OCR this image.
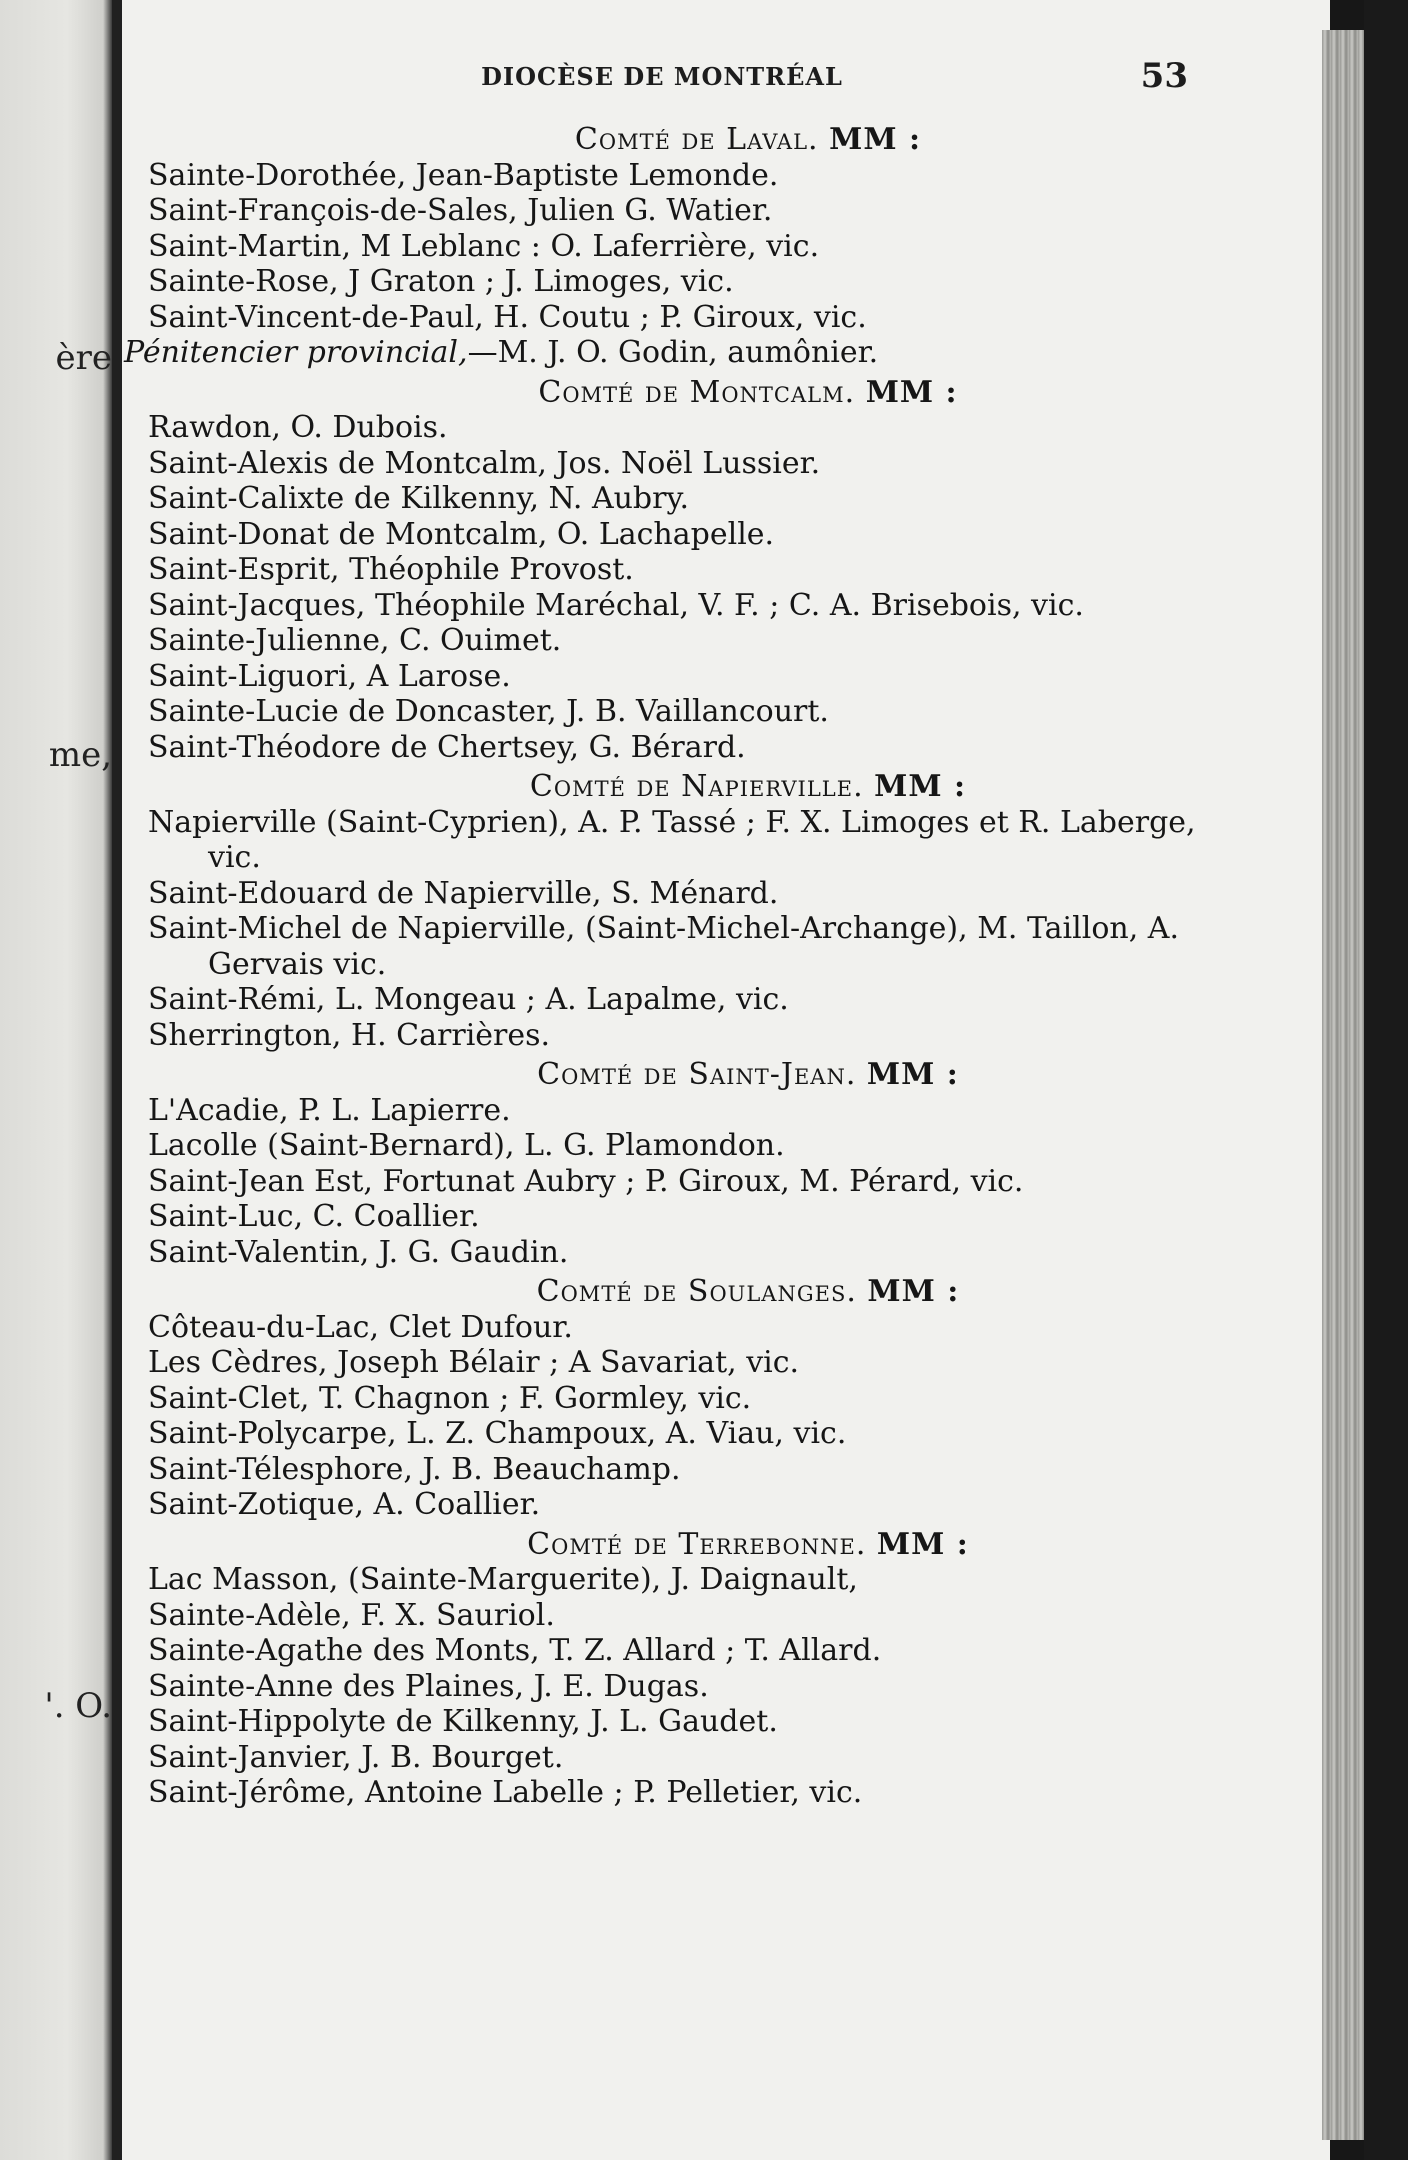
ère
me,
'. O.
DIOCÈSE DE MONTRÉAL	53
Comté de Laval. MM :

Sainte-Dorothée, Jean-Baptiste Lemonde.

Saint-François-de-Sales, Julien G. Watier.

Saint-Martin, M Leblanc : O. Laferrière, vic.

Sainte-Rose, J Graton ; J. Limoges, vic.

Saint-Vincent-de-Paul, H. Coutu ; P. Giroux, vic.

Pénitencier provincial,—M. J. O. Godin, aumônier.

Comté de Montcalm. MM :

Rawdon, O. Dubois.

Saint-Alexis de Montcalm, Jos. Noël Lussier.

Saint-Calixte de Kilkenny, N. Aubry.

Saint-Donat de Montcalm, O. Lachapelle.

Saint-Esprit, Théophile Provost.

Saint-Jacques, Théophile Maréchal, V. F. ; C. A. Brisebois, vic.

Sainte-Julienne, C. Ouimet.

Saint-Liguori, A Larose.

Sainte-Lucie de Doncaster, J. B. Vaillancourt.

Saint-Théodore de Chertsey, G. Bérard.

Comté de Napierville. MM :

Napierville (Saint-Cyprien), A. P. Tassé ; F. X. Limoges et R. Laberge, vic.

Saint-Edouard de Napierville, S. Ménard.

Saint-Michel de Napierville, (Saint-Michel-Archange), M. Taillon, A. Gervais vic.

Saint-Rémi, L. Mongeau ; A. Lapalme, vic.

Sherrington, H. Carrières.

Comté de Saint-Jean. MM :

L'Acadie, P. L. Lapierre.

Lacolle (Saint-Bernard), L. G. Plamondon.

Saint-Jean Est, Fortunat Aubry ; P. Giroux, M. Pérard, vic.

Saint-Luc, C. Coallier.

Saint-Valentin, J. G. Gaudin.

Comté de Soulanges. MM :

Côteau-du-Lac, Clet Dufour.

Les Cèdres, Joseph Bélair ; A Savariat, vic.

Saint-Clet, T. Chagnon ; F. Gormley, vic.

Saint-Polycarpe, L. Z. Champoux, A. Viau, vic.

Saint-Télesphore, J. B. Beauchamp.

Saint-Zotique, A. Coallier.

Comté de Terrebonne. MM :

Lac Masson, (Sainte-Marguerite), J. Daignault,

Sainte-Adèle, F. X. Sauriol.

Sainte-Agathe des Monts, T. Z. Allard ; T. Allard.

Sainte-Anne des Plaines, J. E. Dugas.

Saint-Hippolyte de Kilkenny, J. L. Gaudet.

Saint-Janvier, J. B. Bourget.

Saint-Jérôme, Antoine Labelle ; P. Pelletier, vic.
